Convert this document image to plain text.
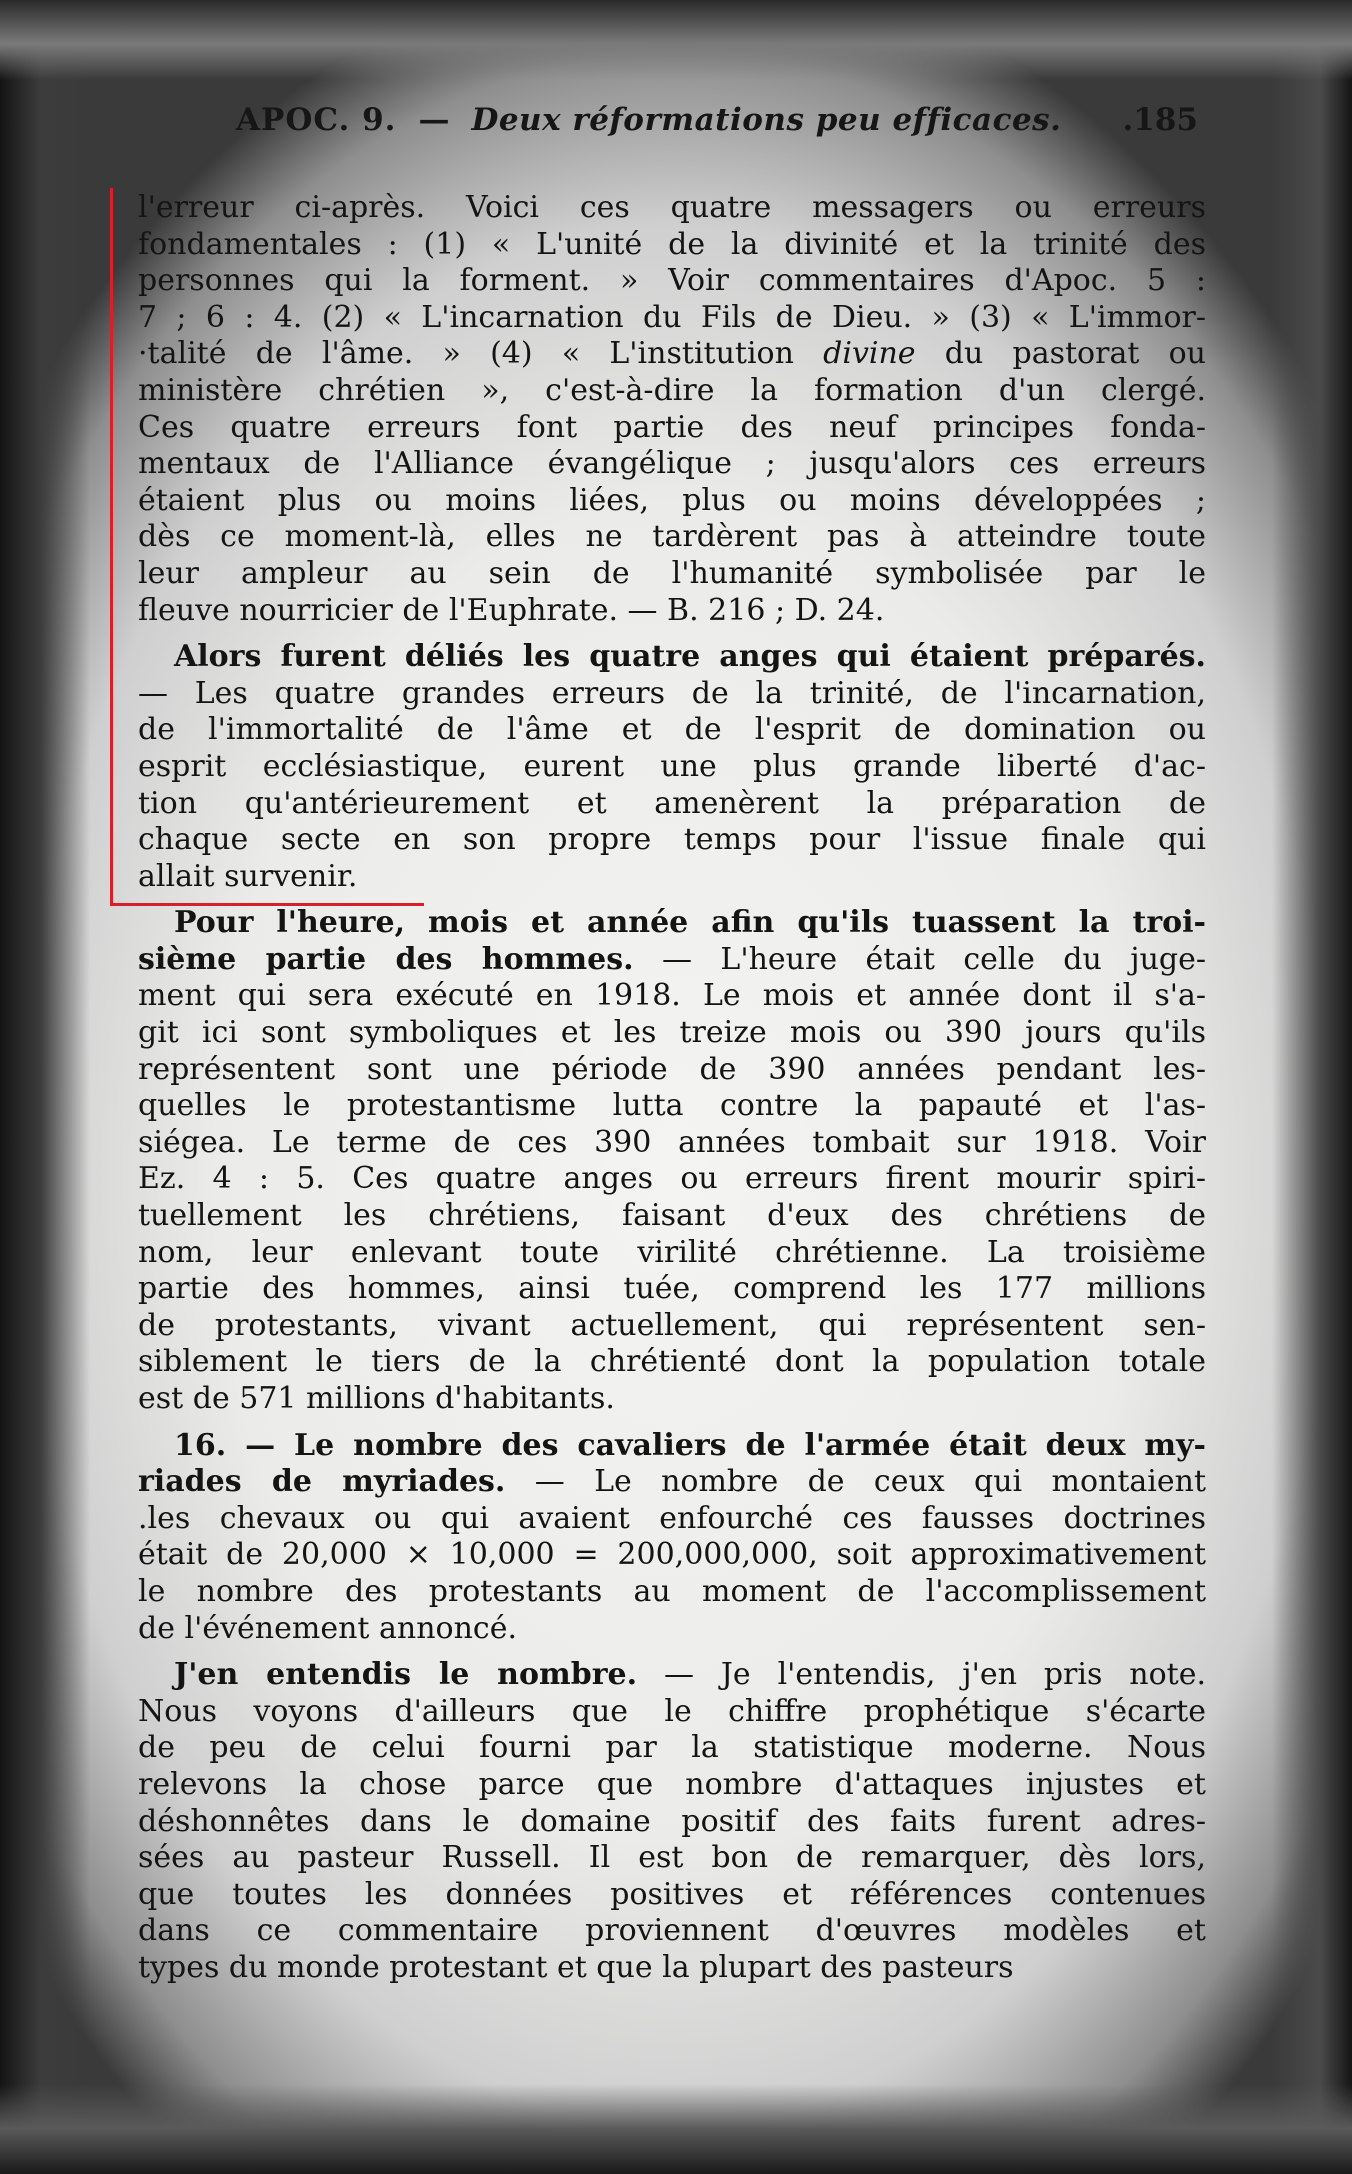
APOC. 9. — Deux réformations peu efficaces. .185
l'erreur ci-après. Voici ces quatre messagers ou erreurs
fondamentales : (1) « L'unité de la divinité et la trinité des
personnes qui la forment. » Voir commentaires d'Apoc. 5 :
7 ; 6 : 4. (2) « L'incarnation du Fils de Dieu. » (3) « L'immor-
·talité de l'âme. » (4) « L'institution divine du pastorat ou
ministère chrétien », c'est-à-dire la formation d'un clergé.
Ces quatre erreurs font partie des neuf principes fonda-
mentaux de l'Alliance évangélique ; jusqu'alors ces erreurs
étaient plus ou moins liées, plus ou moins développées ;
dès ce moment-là, elles ne tardèrent pas à atteindre toute
leur ampleur au sein de l'humanité symbolisée par le
fleuve nourricier de l'Euphrate. — B. 216 ; D. 24.
Alors furent déliés les quatre anges qui étaient préparés.
— Les quatre grandes erreurs de la trinité, de l'incarnation,
de l'immortalité de l'âme et de l'esprit de domination ou
esprit ecclésiastique, eurent une plus grande liberté d'ac-
tion qu'antérieurement et amenèrent la préparation de
chaque secte en son propre temps pour l'issue finale qui
allait survenir.
Pour l'heure, mois et année afin qu'ils tuassent la troi-
sième partie des hommes. — L'heure était celle du juge-
ment qui sera exécuté en 1918. Le mois et année dont il s'a-
git ici sont symboliques et les treize mois ou 390 jours qu'ils
représentent sont une période de 390 années pendant les-
quelles le protestantisme lutta contre la papauté et l'as-
siégea. Le terme de ces 390 années tombait sur 1918. Voir
Ez. 4 : 5. Ces quatre anges ou erreurs firent mourir spiri-
tuellement les chrétiens, faisant d'eux des chrétiens de
nom, leur enlevant toute virilité chrétienne. La troisième
partie des hommes, ainsi tuée, comprend les 177 millions
de protestants, vivant actuellement, qui représentent sen-
siblement le tiers de la chrétienté dont la population totale
est de 571 millions d'habitants.
16. — Le nombre des cavaliers de l'armée était deux my-
riades de myriades. — Le nombre de ceux qui montaient
.les chevaux ou qui avaient enfourché ces fausses doctrines
était de 20,000 × 10,000 = 200,000,000, soit approximativement
le nombre des protestants au moment de l'accomplissement
de l'événement annoncé.
J'en entendis le nombre. — Je l'entendis, j'en pris note.
Nous voyons d'ailleurs que le chiffre prophétique s'écarte
de peu de celui fourni par la statistique moderne. Nous
relevons la chose parce que nombre d'attaques injustes et
déshonnêtes dans le domaine positif des faits furent adres-
sées au pasteur Russell. Il est bon de remarquer, dès lors,
que toutes les données positives et références contenues
dans ce commentaire proviennent d'œuvres modèles et
types du monde protestant et que la plupart des pasteurs
